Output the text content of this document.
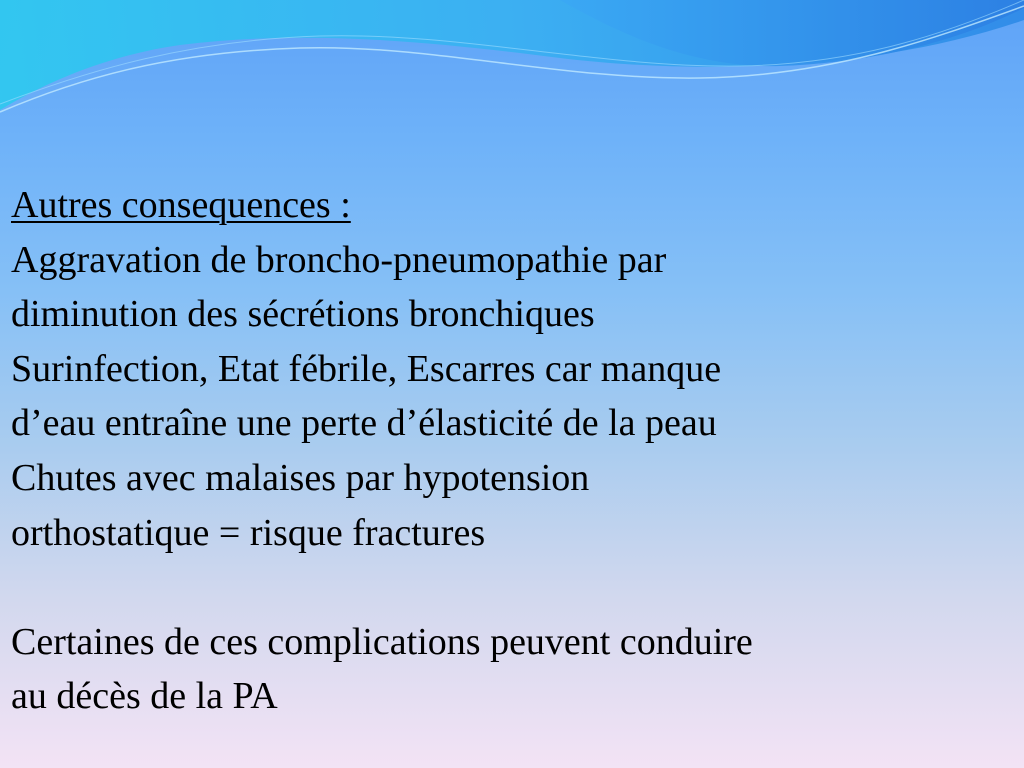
Autres consequences :
Aggravation de broncho-pneumopathie par
diminution des sécrétions bronchiques
Surinfection, Etat fébrile, Escarres car manque
d’eau entraîne une perte d’élasticité de la peau
Chutes avec malaises par hypotension
orthostatique = risque fractures
Certaines de ces complications peuvent conduire
au décès de la PA
